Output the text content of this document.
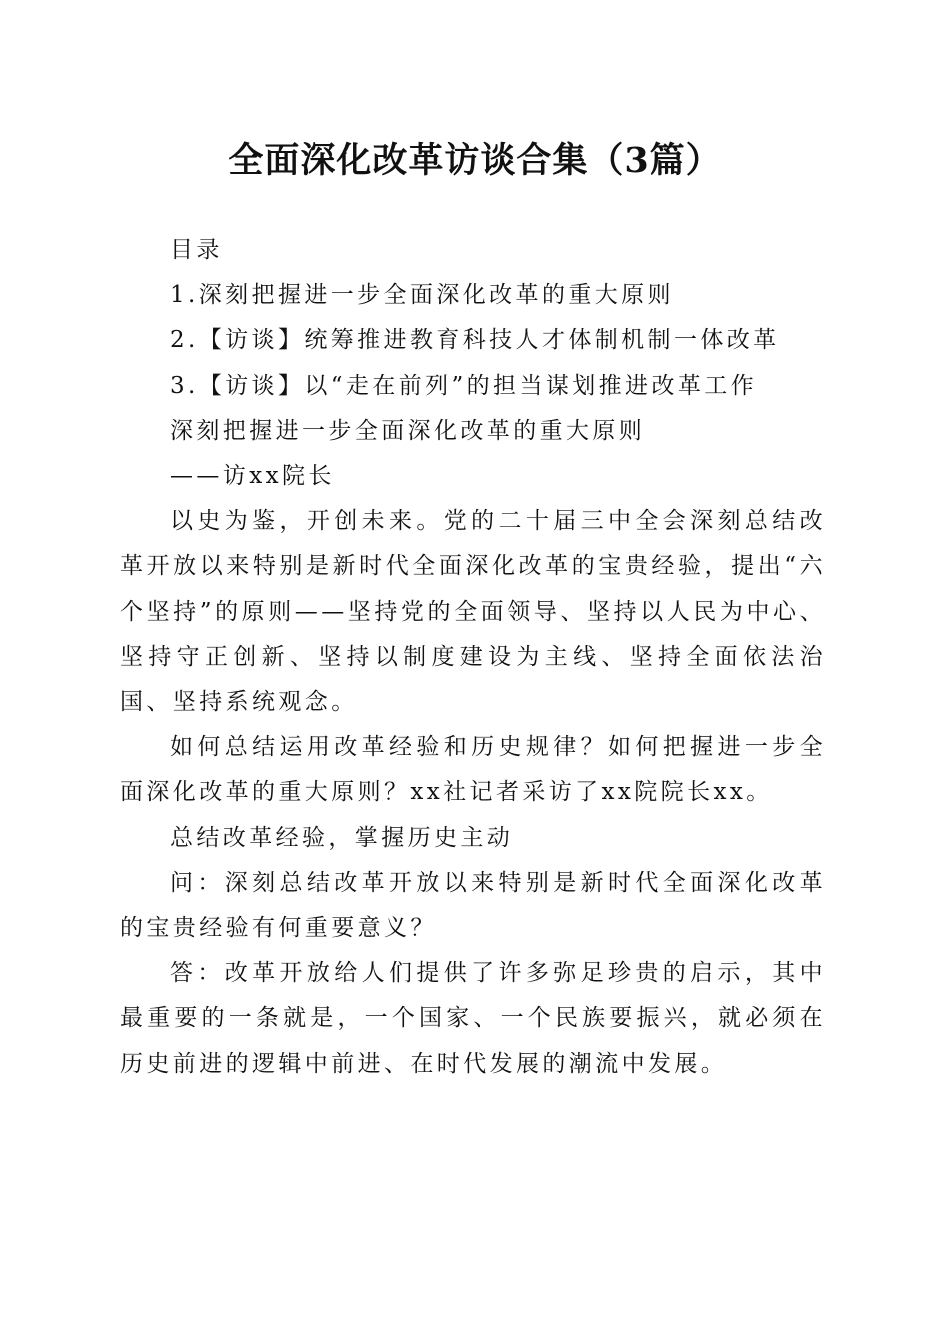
全面深化改革访谈合集（3篇）

目录

1.深刻把握进一步全面深化改革的重大原则

2.【访谈】统筹推进教育科技人才体制机制一体改革

3.【访谈】以“走在前列”的担当谋划推进改革工作

深刻把握进一步全面深化改革的重大原则

——访xx院长

以史为鉴，开创未来。党的二十届三中全会深刻总结改革开放以来特别是新时代全面深化改革的宝贵经验，提出“六个坚持”的原则——坚持党的全面领导、坚持以人民为中心、坚持守正创新、坚持以制度建设为主线、坚持全面依法治国、坚持系统观念。

如何总结运用改革经验和历史规律？如何把握进一步全面深化改革的重大原则？xx社记者采访了xx院院长xx。

总结改革经验，掌握历史主动

问：深刻总结改革开放以来特别是新时代全面深化改革的宝贵经验有何重要意义？

答：改革开放给人们提供了许多弥足珍贵的启示，其中最重要的一条就是，一个国家、一个民族要振兴，就必须在历史前进的逻辑中前进、在时代发展的潮流中发展。
